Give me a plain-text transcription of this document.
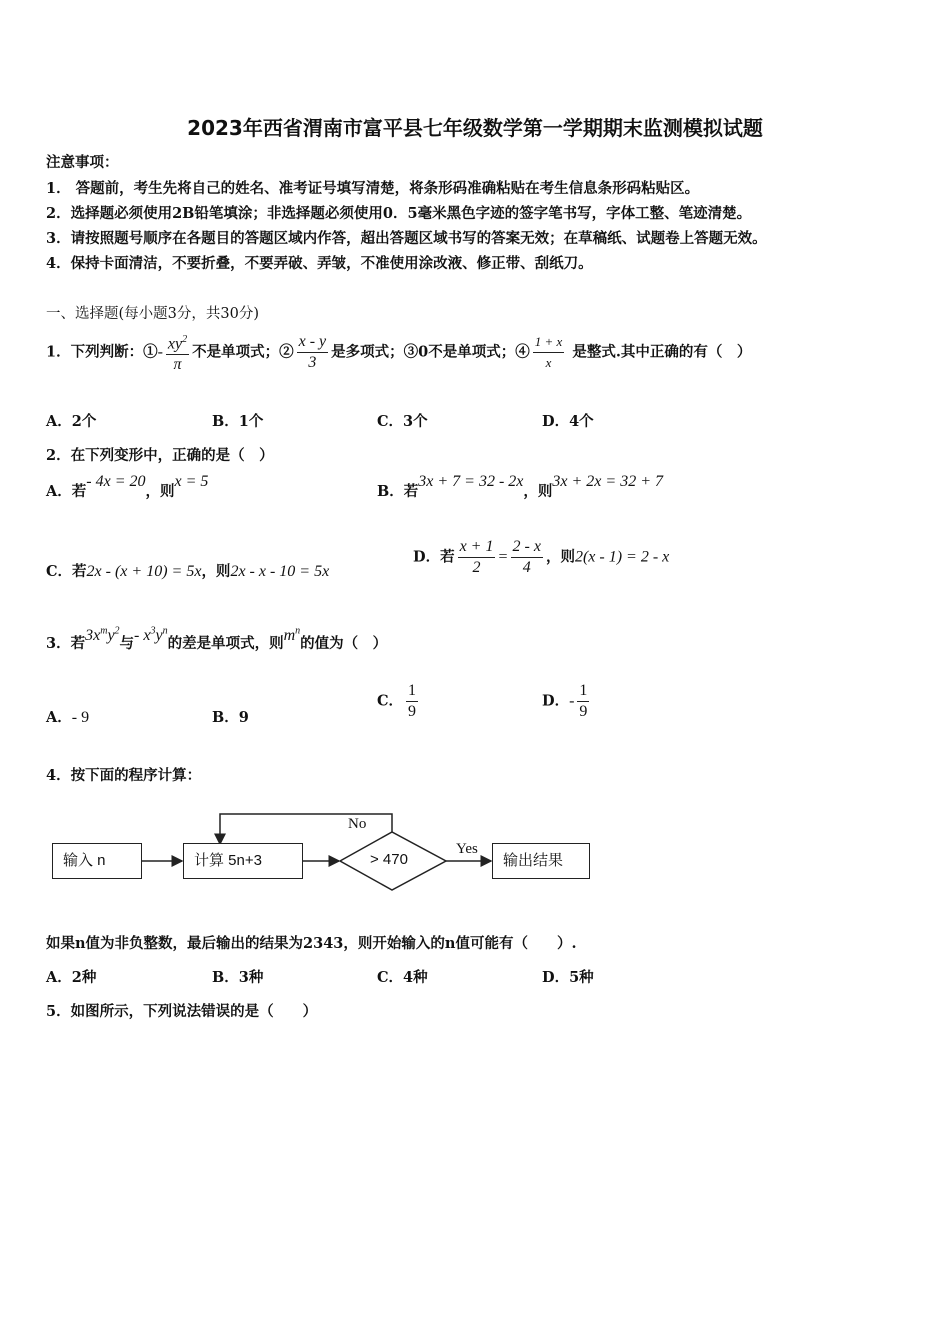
2023年西省渭南市富平县七年级数学第一学期期末监测模拟试题
注意事项：
1． 答题前，考生先将自己的姓名、准考证号填写清楚，将条形码准确粘贴在考生信息条形码粘贴区。
2．选择题必须使用2B铅笔填涂；非选择题必须使用0．5毫米黑色字迹的签字笔书写，字体工整、笔迹清楚。
3．请按照题号顺序在各题目的答题区域内作答，超出答题区域书写的答案无效；在草稿纸、试题卷上答题无效。
4．保持卡面清洁，不要折叠，不要弄破、弄皱，不准使用涂改液、修正带、刮纸刀。
一、选择题(每小题3分，共30分)
1．下列判断：①- $\frac{xy^2}{\pi}$ 不是单项式；② $\frac{x - y}{3}$ 是多项式；③0不是单项式；④ $\frac{1 + x}{x}$ 是整式.其中正确的有（　）
A．2个	B．1个	C．3个	D．4个
2．在下列变形中，正确的是（　）
A．若- 4x = 20，则x = 5
B．若3x + 7 = 32 - 2x，则3x + 2x = 32 + 7
C．若2x - (x + 10) = 5x，则2x - x - 10 = 5x
D．若 $\frac{x + 1}{2} = \frac{2 - x}{4}$ ，则2(x - 1) = 2 - x
3．若$3x^my^2$与- $x^3y^n$的差是单项式，则$m^n$的值为（　）
A．- 9	B．9
C． $\frac{1}{9}$	D．- $\frac{1}{9}$
4．按下面的程序计算：
输入 n	计算 5n+3	> 470
No
Yes
输出结果
如果n值为非负整数，最后输出的结果为2343，则开始输入的n值可能有（　　）.
A．2种	B．3种	C．4种	D．5种
5．如图所示，下列说法错误的是（　　）
